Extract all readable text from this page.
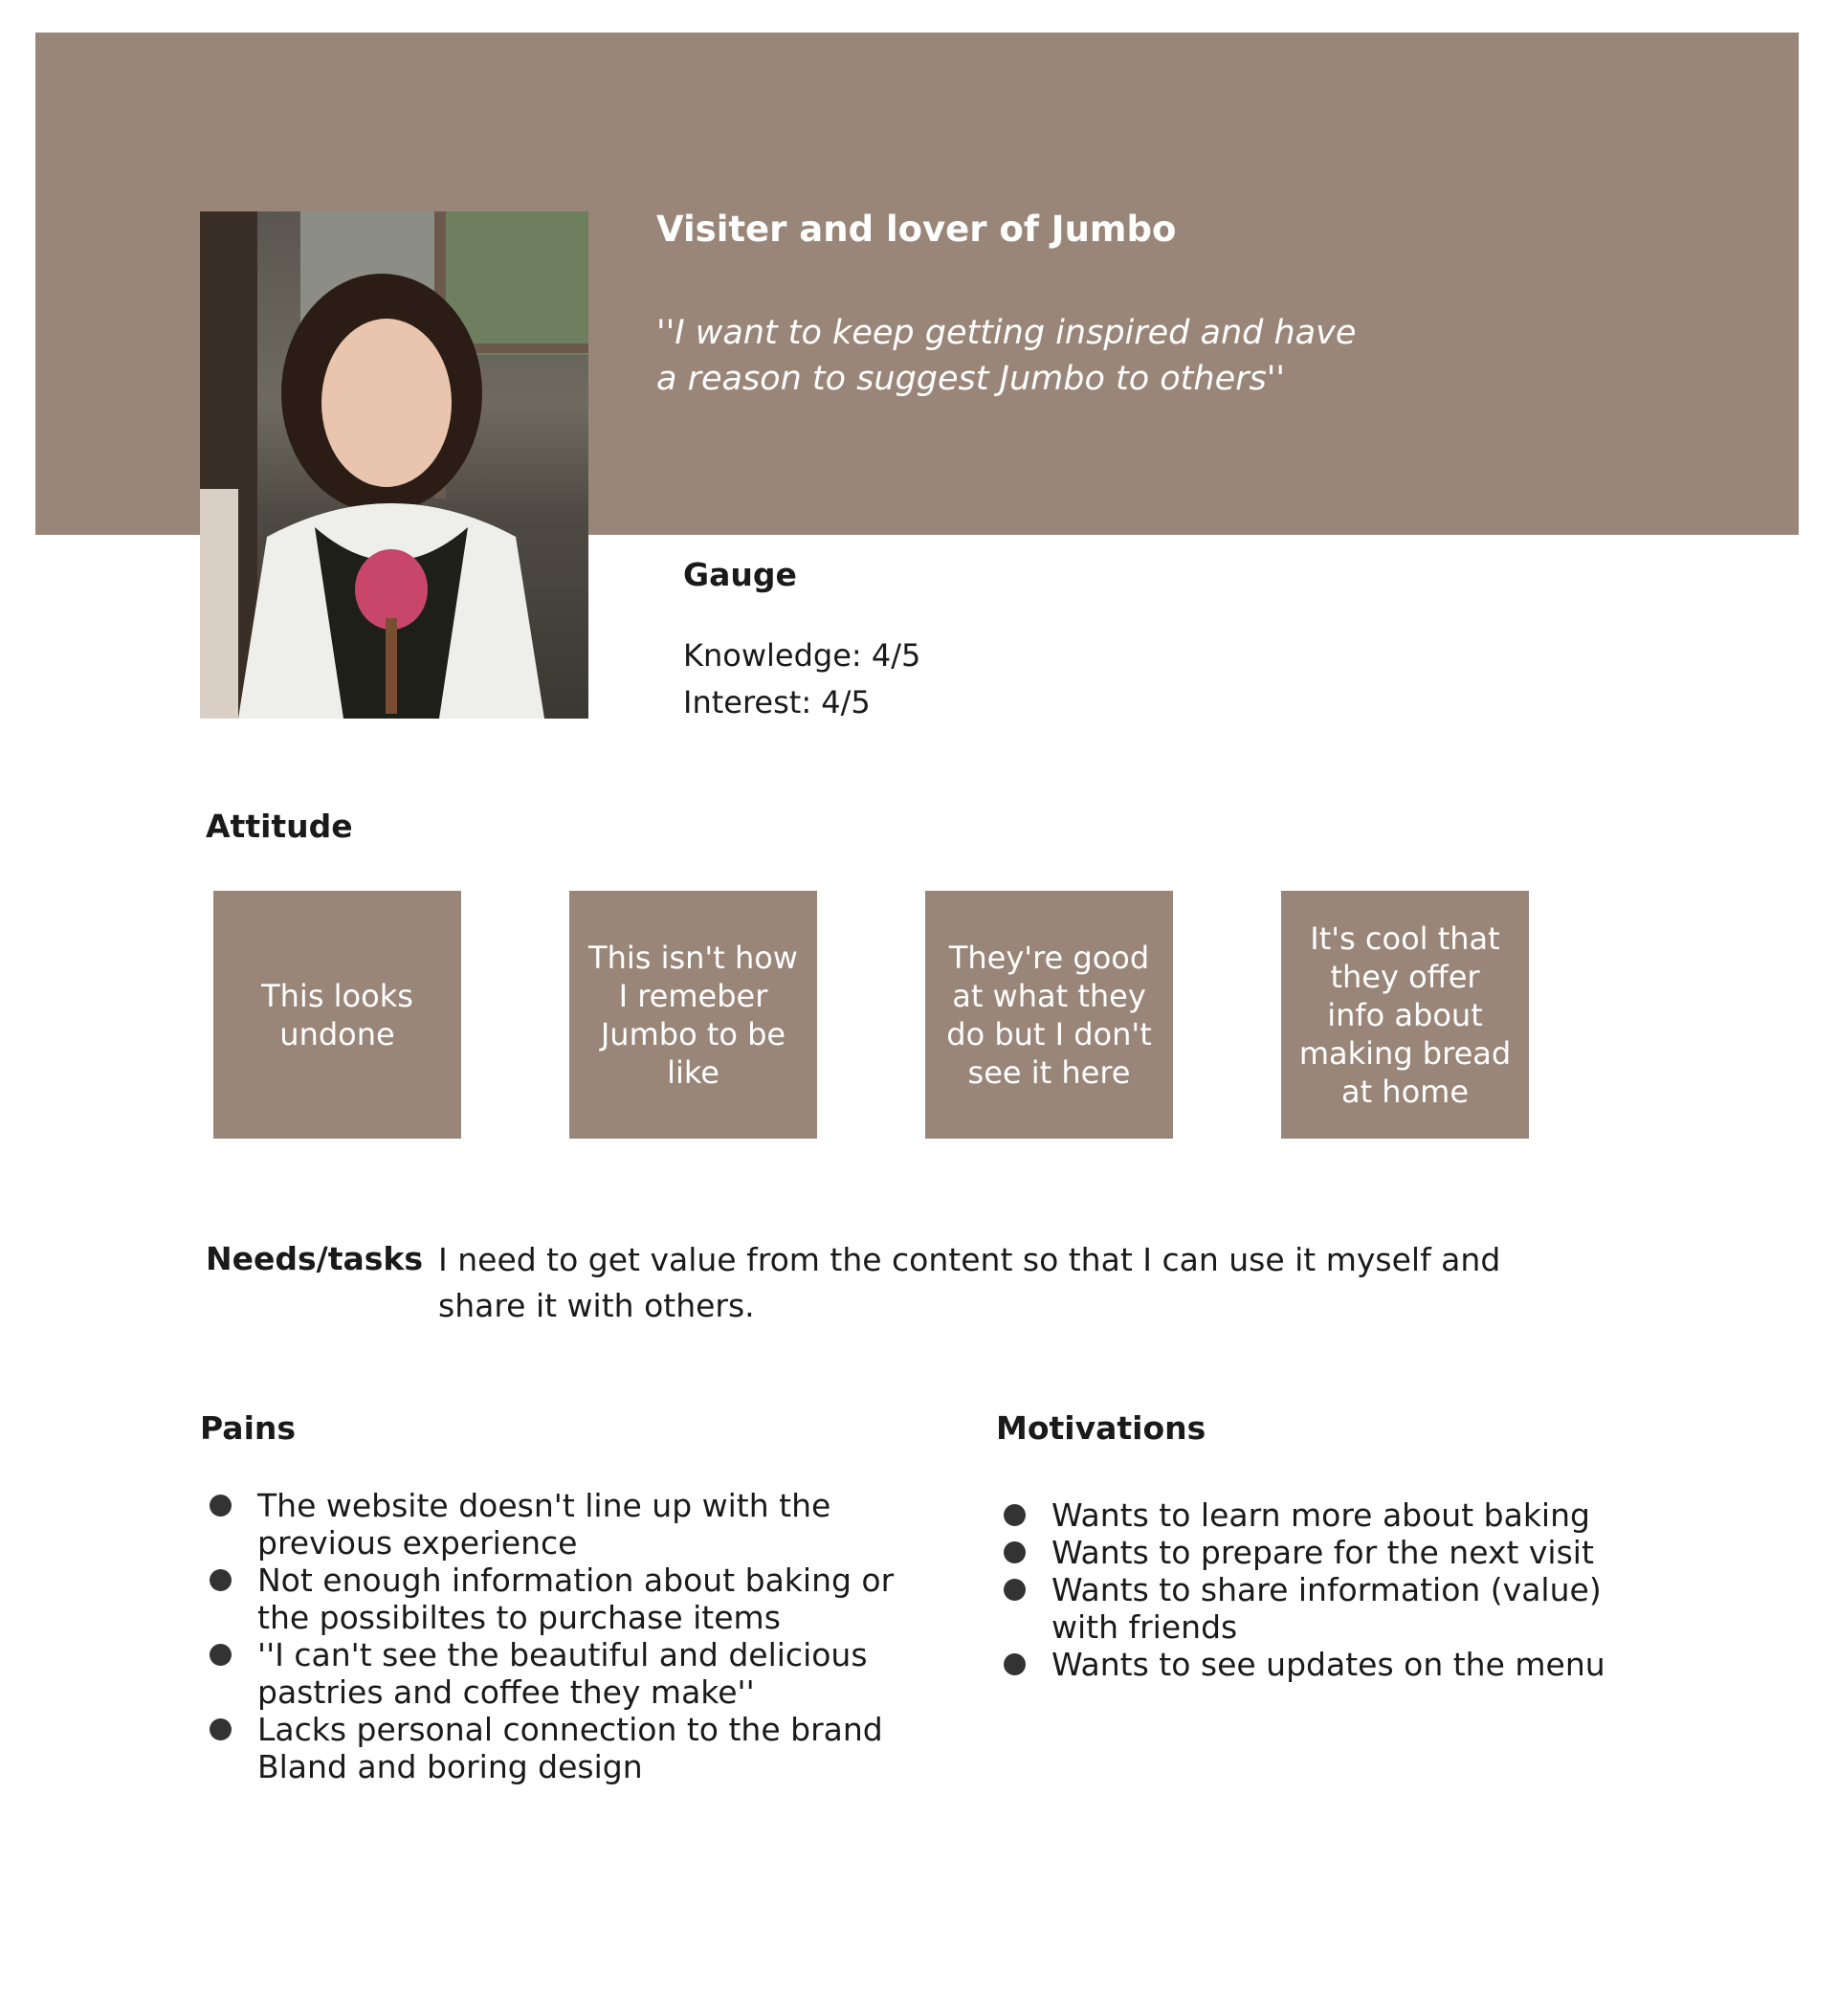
Visiter and lover of Jumbo
''I want to keep getting inspired and have
a reason to suggest Jumbo to others''
Gauge
Knowledge: 4/5
Interest: 4/5
Attitude
This looks
undone
This isn't how
I remeber
Jumbo to be
like
They're good
at what they
do but I don't
see it here
It's cool that
they offer
info about
making bread
at home
Needs/tasks I need to get value from the content so that I can use it myself and
share it with others.
Pains
The website doesn't line up with the
previous experience
Not enough information about baking or
the possibiltes to purchase items
''I can't see the beautiful and delicious
pastries and coffee they make''
Lacks personal connection to the brand
Bland and boring design
Motivations
Wants to learn more about baking
Wants to prepare for the next visit
Wants to share information (value)
with friends
Wants to see updates on the menu
